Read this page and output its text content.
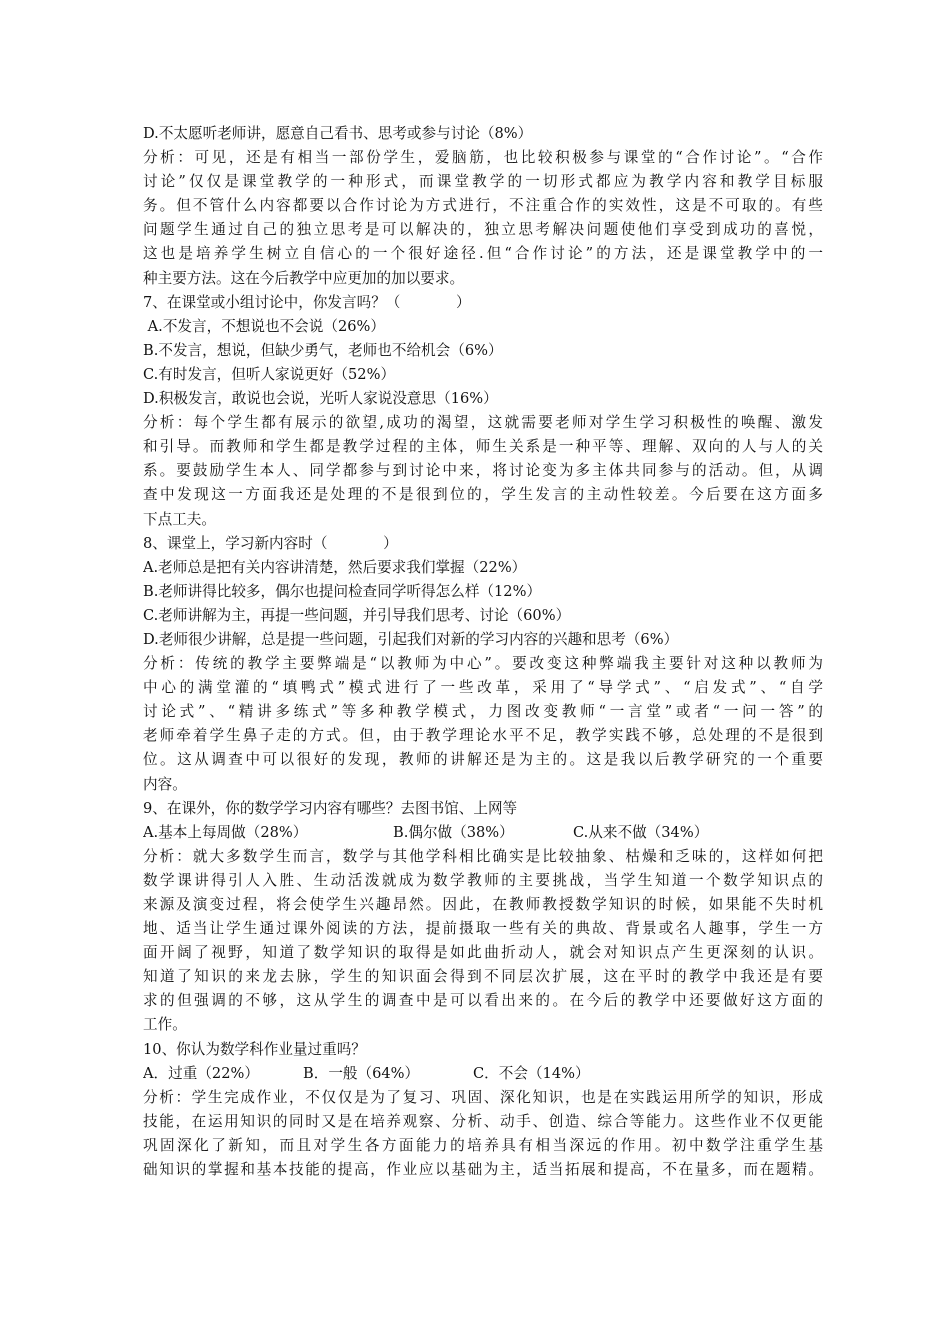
D.不太愿听老师讲，愿意自己看书、思考或参与讨论（8%）
分析：可见，还是有相当一部份学生，爱脑筋，也比较积极参与课堂的“合作讨论”。“合作
讨论”仅仅是课堂教学的一种形式，而课堂教学的一切形式都应为教学内容和教学目标服
务。但不管什么内容都要以合作讨论为方式进行，不注重合作的实效性，这是不可取的。有些
问题学生通过自己的独立思考是可以解决的，独立思考解决问题使他们享受到成功的喜悦，
这也是培养学生树立自信心的一个很好途径.但“合作讨论”的方法，还是课堂教学中的一
种主要方法。这在今后教学中应更加的加以要求。
7、在课堂或小组讨论中，你发言吗？（            ）
A.不发言，不想说也不会说（26%）
B.不发言，想说，但缺少勇气，老师也不给机会（6%）
C.有时发言，但听人家说更好（52%）
D.积极发言，敢说也会说，光听人家说没意思（16%）
分析：每个学生都有展示的欲望,成功的渴望，这就需要老师对学生学习积极性的唤醒、激发
和引导。而教师和学生都是教学过程的主体，师生关系是一种平等、理解、双向的人与人的关
系。要鼓励学生本人、同学都参与到讨论中来，将讨论变为多主体共同参与的活动。但，从调
查中发现这一方面我还是处理的不是很到位的，学生发言的主动性较差。今后要在这方面多
下点工夫。
8、课堂上，学习新内容时（            ）
A.老师总是把有关内容讲清楚，然后要求我们掌握（22%）
B.老师讲得比较多，偶尔也提问检查同学听得怎么样（12%）
C.老师讲解为主，再提一些问题，并引导我们思考、讨论（60%）
D.老师很少讲解，总是提一些问题，引起我们对新的学习内容的兴趣和思考（6%）
分析：传统的教学主要弊端是“以教师为中心”。要改变这种弊端我主要针对这种以教师为
中心的满堂灌的“填鸭式”模式进行了一些改革，采用了“导学式”、“启发式”、“自学
讨论式”、“精讲多练式”等多种教学模式，力图改变教师“一言堂”或者“一问一答”的
老师牵着学生鼻子走的方式。但，由于教学理论水平不足，教学实践不够，总处理的不是很到
位。这从调查中可以很好的发现，教师的讲解还是为主的。这是我以后教学研究的一个重要
内容。
9、在课外，你的数学学习内容有哪些？去图书馆、上网等
A.基本上每周做（28%）	B.偶尔做（38%）	C.从来不做（34%）
分析：就大多数学生而言，数学与其他学科相比确实是比较抽象、枯燥和乏味的，这样如何把
数学课讲得引人入胜、生动活泼就成为数学教师的主要挑战，当学生知道一个数学知识点的
来源及演变过程，将会使学生兴趣昂然。因此，在教师教授数学知识的时候，如果能不失时机
地、适当让学生通过课外阅读的方法，提前摄取一些有关的典故、背景或名人趣事，学生一方
面开阔了视野，知道了数学知识的取得是如此曲折动人，就会对知识点产生更深刻的认识。
知道了知识的来龙去脉，学生的知识面会得到不同层次扩展，这在平时的教学中我还是有要
求的但强调的不够，这从学生的调查中是可以看出来的。在今后的教学中还要做好这方面的
工作。
10、你认为数学科作业量过重吗？
A．过重（22%）	B．一般（64%）	C．不会（14%）
分析：学生完成作业，不仅仅是为了复习、巩固、深化知识，也是在实践运用所学的知识，形成
技能，在运用知识的同时又是在培养观察、分析、动手、创造、综合等能力。这些作业不仅更能
巩固深化了新知，而且对学生各方面能力的培养具有相当深远的作用。初中数学注重学生基
础知识的掌握和基本技能的提高，作业应以基础为主，适当拓展和提高，不在量多，而在题精。
